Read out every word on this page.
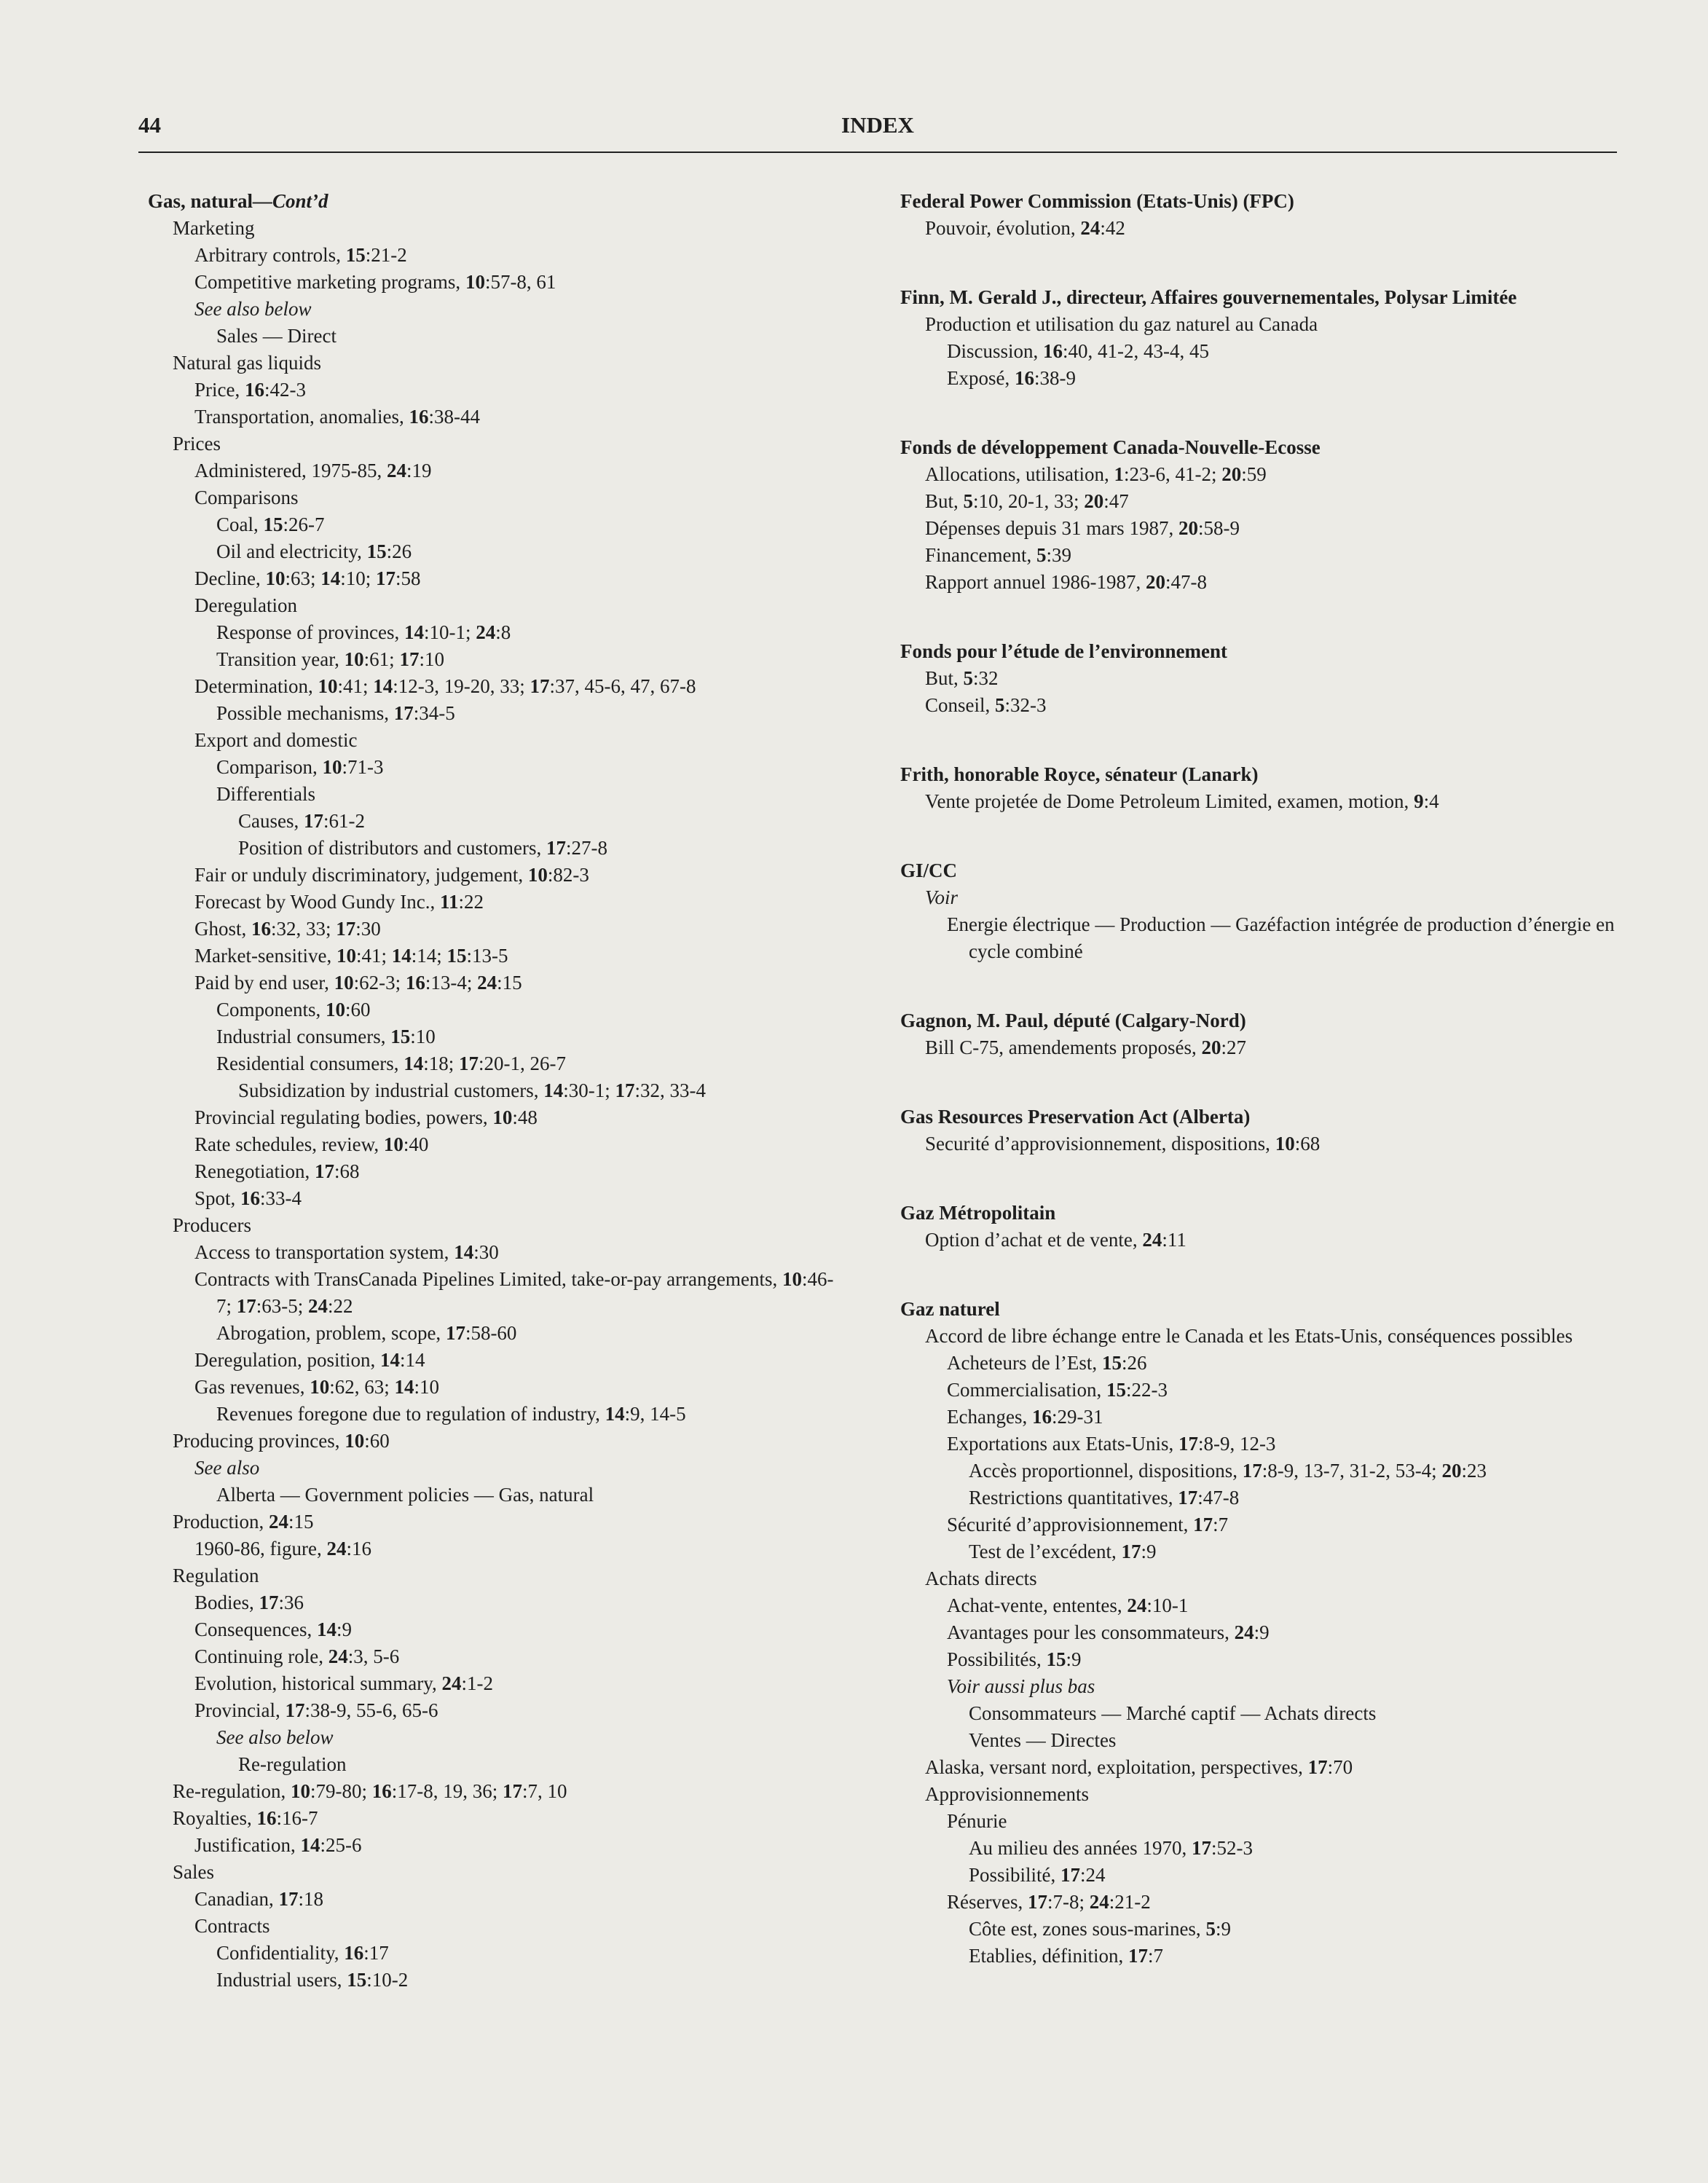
44	INDEX
Gas, natural—Cont’d
Marketing
Arbitrary controls, 15:21-2
Competitive marketing programs, 10:57-8, 61
See also below
Sales — Direct
Natural gas liquids
Price, 16:42-3
Transportation, anomalies, 16:38-44
Prices
Administered, 1975-85, 24:19
Comparisons
Coal, 15:26-7
Oil and electricity, 15:26
Decline, 10:63; 14:10; 17:58
Deregulation
Response of provinces, 14:10-1; 24:8
Transition year, 10:61; 17:10
Determination, 10:41; 14:12-3, 19-20, 33; 17:37, 45-6, 47, 67-8
Possible mechanisms, 17:34-5
Export and domestic
Comparison, 10:71-3
Differentials
Causes, 17:61-2
Position of distributors and customers, 17:27-8
Fair or unduly discriminatory, judgement, 10:82-3
Forecast by Wood Gundy Inc., 11:22
Ghost, 16:32, 33; 17:30
Market-sensitive, 10:41; 14:14; 15:13-5
Paid by end user, 10:62-3; 16:13-4; 24:15
Components, 10:60
Industrial consumers, 15:10
Residential consumers, 14:18; 17:20-1, 26-7
Subsidization by industrial customers, 14:30-1; 17:32, 33-4
Provincial regulating bodies, powers, 10:48
Rate schedules, review, 10:40
Renegotiation, 17:68
Spot, 16:33-4
Producers
Access to transportation system, 14:30
Contracts with TransCanada Pipelines Limited, take-or-pay arrangements, 10:46-7; 17:63-5; 24:22
Abrogation, problem, scope, 17:58-60
Deregulation, position, 14:14
Gas revenues, 10:62, 63; 14:10
Revenues foregone due to regulation of industry, 14:9, 14-5
Producing provinces, 10:60
See also
Alberta — Government policies — Gas, natural
Production, 24:15
1960-86, figure, 24:16
Regulation
Bodies, 17:36
Consequences, 14:9
Continuing role, 24:3, 5-6
Evolution, historical summary, 24:1-2
Provincial, 17:38-9, 55-6, 65-6
See also below
Re-regulation
Re-regulation, 10:79-80; 16:17-8, 19, 36; 17:7, 10
Royalties, 16:16-7
Justification, 14:25-6
Sales
Canadian, 17:18
Contracts
Confidentiality, 16:17
Industrial users, 15:10-2
Federal Power Commission (Etats-Unis) (FPC)
Pouvoir, évolution, 24:42
Finn, M. Gerald J., directeur, Affaires gouvernementales, Polysar Limitée
Production et utilisation du gaz naturel au Canada
Discussion, 16:40, 41-2, 43-4, 45
Exposé, 16:38-9
Fonds de développement Canada-Nouvelle-Ecosse
Allocations, utilisation, 1:23-6, 41-2; 20:59
But, 5:10, 20-1, 33; 20:47
Dépenses depuis 31 mars 1987, 20:58-9
Financement, 5:39
Rapport annuel 1986-1987, 20:47-8
Fonds pour l’étude de l’environnement
But, 5:32
Conseil, 5:32-3
Frith, honorable Royce, sénateur (Lanark)
Vente projetée de Dome Petroleum Limited, examen, motion, 9:4
GI/CC
Voir
Energie électrique — Production — Gazéfaction intégrée de production d’énergie en cycle combiné
Gagnon, M. Paul, député (Calgary-Nord)
Bill C-75, amendements proposés, 20:27
Gas Resources Preservation Act (Alberta)
Securité d’approvisionnement, dispositions, 10:68
Gaz Métropolitain
Option d’achat et de vente, 24:11
Gaz naturel
Accord de libre échange entre le Canada et les Etats-Unis, conséquences possibles
Acheteurs de l’Est, 15:26
Commercialisation, 15:22-3
Echanges, 16:29-31
Exportations aux Etats-Unis, 17:8-9, 12-3
Accès proportionnel, dispositions, 17:8-9, 13-7, 31-2, 53-4; 20:23
Restrictions quantitatives, 17:47-8
Sécurité d’approvisionnement, 17:7
Test de l’excédent, 17:9
Achats directs
Achat-vente, ententes, 24:10-1
Avantages pour les consommateurs, 24:9
Possibilités, 15:9
Voir aussi plus bas
Consommateurs — Marché captif — Achats directs
Ventes — Directes
Alaska, versant nord, exploitation, perspectives, 17:70
Approvisionnements
Pénurie
Au milieu des années 1970, 17:52-3
Possibilité, 17:24
Réserves, 17:7-8; 24:21-2
Côte est, zones sous-marines, 5:9
Etablies, définition, 17:7
